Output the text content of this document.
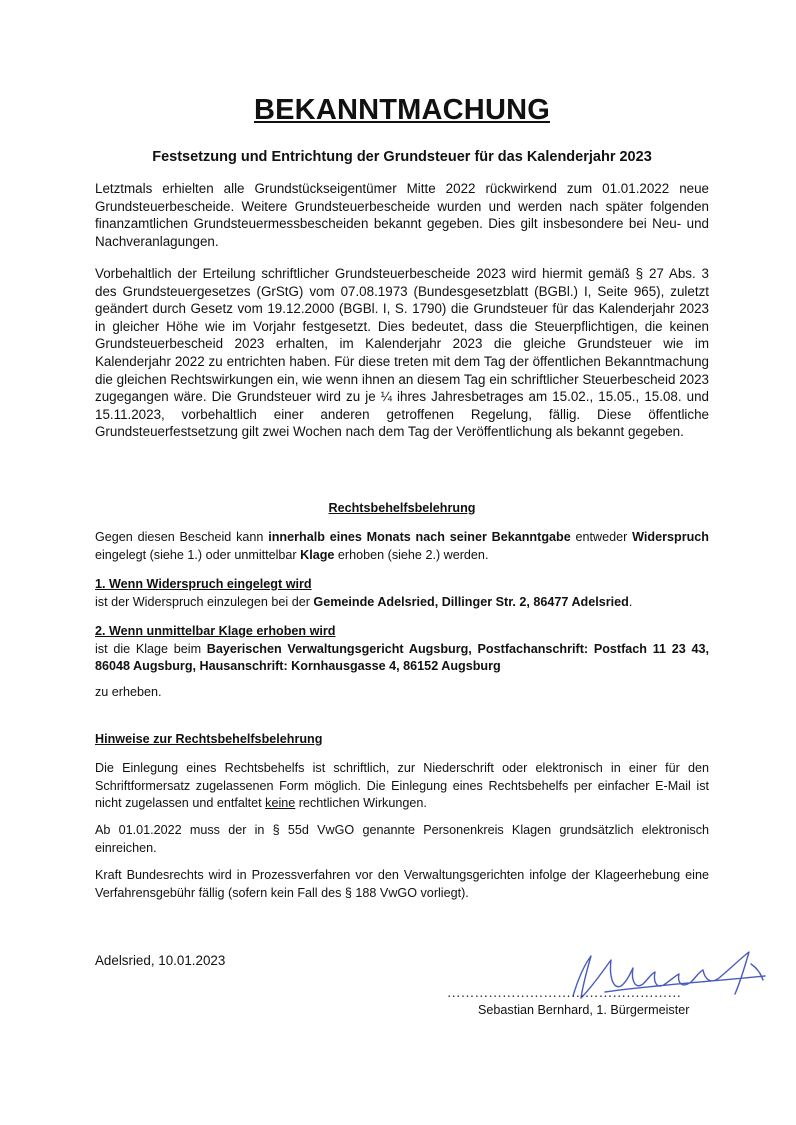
BEKANNTMACHUNG
Festsetzung und Entrichtung der Grundsteuer für das Kalenderjahr 2023
Letztmals erhielten alle Grundstückseigentümer Mitte 2022 rückwirkend zum 01.01.2022 neue Grundsteuerbescheide. Weitere Grundsteuerbescheide wurden und werden nach später folgenden finanzamtlichen Grundsteuermessbescheiden bekannt gegeben. Dies gilt insbesondere bei Neu- und Nachveranlagungen.
Vorbehaltlich der Erteilung schriftlicher Grundsteuerbescheide 2023 wird hiermit gemäß § 27 Abs. 3 des Grundsteuergesetzes (GrStG) vom 07.08.1973 (Bundesgesetzblatt (BGBl.) I, Seite 965), zuletzt geändert durch Gesetz vom 19.12.2000 (BGBl. I, S. 1790) die Grundsteuer für das Kalenderjahr 2023 in gleicher Höhe wie im Vorjahr festgesetzt. Dies bedeutet, dass die Steuerpflichtigen, die keinen Grundsteuerbescheid 2023 erhalten, im Kalenderjahr 2023 die gleiche Grundsteuer wie im Kalenderjahr 2022 zu entrichten haben. Für diese treten mit dem Tag der öffentlichen Bekanntmachung die gleichen Rechtswirkungen ein, wie wenn ihnen an diesem Tag ein schriftlicher Steuerbescheid 2023 zugegangen wäre. Die Grundsteuer wird zu je ¼ ihres Jahresbetrages am 15.02., 15.05., 15.08. und 15.11.2023, vorbehaltlich einer anderen getroffenen Regelung, fällig. Diese öffentliche Grundsteuerfestsetzung gilt zwei Wochen nach dem Tag der Veröffentlichung als bekannt gegeben.
Rechtsbehelfsbelehrung
Gegen diesen Bescheid kann innerhalb eines Monats nach seiner Bekanntgabe entweder Widerspruch eingelegt (siehe 1.) oder unmittelbar Klage erhoben (siehe 2.) werden.
1. Wenn Widerspruch eingelegt wird
ist der Widerspruch einzulegen bei der Gemeinde Adelsried, Dillinger Str. 2, 86477 Adelsried.
2. Wenn unmittelbar Klage erhoben wird
ist die Klage beim Bayerischen Verwaltungsgericht Augsburg, Postfachanschrift: Postfach 11 23 43, 86048 Augsburg, Hausanschrift: Kornhausgasse 4, 86152 Augsburg
zu erheben.
Hinweise zur Rechtsbehelfsbelehrung
Die Einlegung eines Rechtsbehelfs ist schriftlich, zur Niederschrift oder elektronisch in einer für den Schriftformersatz zugelassenen Form möglich. Die Einlegung eines Rechtsbehelfs per einfacher E-Mail ist nicht zugelassen und entfaltet keine rechtlichen Wirkungen.
Ab 01.01.2022 muss der in § 55d VwGO genannte Personenkreis Klagen grundsätzlich elektronisch einreichen.
Kraft Bundesrechts wird in Prozessverfahren vor den Verwaltungsgerichten infolge der Klageerhebung eine Verfahrensgebühr fällig (sofern kein Fall des § 188 VwGO vorliegt).
Adelsried, 10.01.2023
……………………………………………
Sebastian Bernhard, 1. Bürgermeister
